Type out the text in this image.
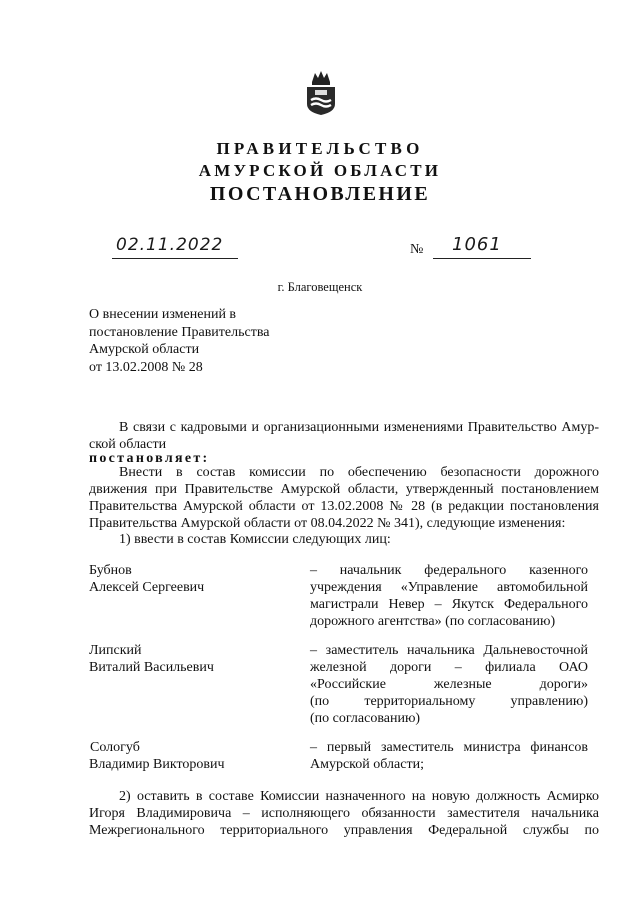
ПРАВИТЕЛЬСТВО
АМУРСКОЙ ОБЛАСТИ
ПОСТАНОВЛЕНИЕ
02.11.2022	№ 1061
г. Благовещенск
О внесении изменений в
постановление Правительства
Амурской области
от 13.02.2008 № 28
В связи с кадровыми и организационными изменениями Правительство Амур-
ской области
постановляет:
Внести в состав комиссии по обеспечению безопасности дорожного
движения при Правительстве Амурской области, утвержденный постановлением
Правительства Амурской области от 13.02.2008 № 28 (в редакции постановления
Правительства Амурской области от 08.04.2022 № 341), следующие изменения:
1) ввести в состав Комиссии следующих лиц:
Бубнов
Алексей Сергеевич
– начальник федерального казенного
учреждения «Управление автомобильной
магистрали Невер – Якутск Федерального
дорожного агентства» (по согласованию)
Липский
Виталий Васильевич
– заместитель начальника Дальневосточной
железной дороги – филиала ОАО
«Российские железные дороги»
(по территориальному управлению)
(по согласованию)
Сологуб
Владимир Викторович
– первый заместитель министра финансов
Амурской области;
2) оставить в составе Комиссии назначенного на новую должность Асмирко
Игоря Владимировича – исполняющего обязанности заместителя начальника
Межрегионального территориального управления Федеральной службы по
